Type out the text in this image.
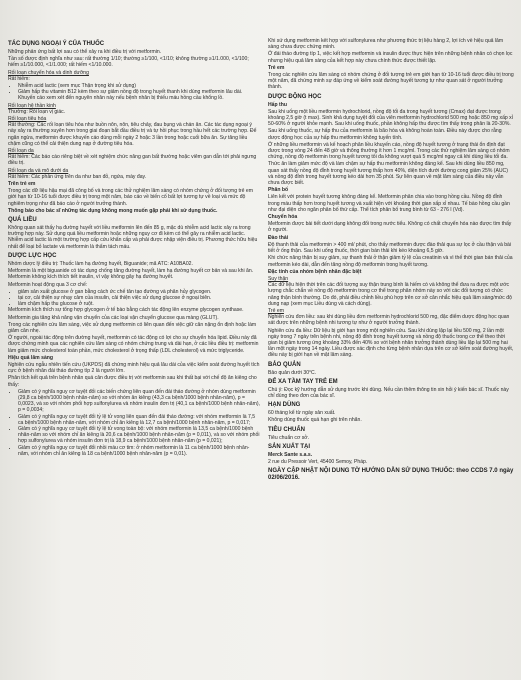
TÁC DỤNG NGOẠI Ý CỦA THUỐC

Những phản ứng bất lợi sau có thể xảy ra khi điều trị với metformin.

Tần số được định nghĩa như sau: rất thường 1/10; thường ≥1/100, <1/10; không thường ≥1/1.000, <1/100; hiếm ≥1/10.000, <1/1.000; rất hiếm <1/10.000.

Rối loạn chuyển hóa và dinh dưỡng

Rất hiếm:

• Nhiễm acid lactic (xem mục Thận trọng khi sử dụng)
• Giảm hấp thu vitamin B12 kèm theo sự giảm nồng độ trong huyết thanh khi dùng metformin lâu dài. Khuyến cáo xem xét đến nguyên nhân này nếu bệnh nhân bị thiếu máu hồng cầu khổng lồ.

Rối loạn hệ thần kinh

Thường: Rối loạn vị giác.

Rối loạn tiêu hóa

Rất thường: Các rối loạn tiêu hóa như buồn nôn, nôn, tiêu chảy, đau bụng và chán ăn. Các tác dụng ngoại ý này xảy ra thường xuyên hơn trong giai đoạn bắt đầu điều trị và tự hồi phục trong hầu hết các trường hợp. Để ngăn ngừa, metformin được khuyến cáo dùng mỗi ngày 2 hoặc 3 lần trong hoặc cuối bữa ăn. Sự tăng liều chậm cũng có thể cải thiện dung nạp ở đường tiêu hóa.

Rối loạn da

Rất hiếm: Các báo cáo riêng biệt về xét nghiệm chức năng gan bất thường hoặc viêm gan dẫn tới phải ngưng điều trị.

Rối loạn da và mô dưới da

Rất hiếm: Các phản ứng trên da như ban đỏ, ngứa, mày đay.

Trên trẻ em

Trong các dữ liệu hậu mại đã công bố và trong các thử nghiệm lâm sàng có nhóm chứng ở đối tượng trẻ em giới hạn từ 10-16 tuổi được điều trị trong một năm, báo cáo về biến cố bất lợi tương tự về loại và mức độ nghiêm trọng như đã báo cáo ở người trưởng thành.

Thông báo cho bác sĩ những tác dụng không mong muốn gặp phải khi sử dụng thuốc.

QUÁ LIỀU

Không quan sát thấy hạ đường huyết với liều metformin lên đến 85 g, mặc dù nhiễm acid lactic xảy ra trong trường hợp này. Sử dụng quá liều metformin hoặc những nguy cơ đi kèm có thể gây ra nhiễm acid lactic. Nhiễm acid lactic là một trường hợp cấp cứu khẩn cấp và phải được nhập viện điều trị. Phương thức hữu hiệu nhất để loại bỏ lactate và metformin là thẩm tách máu.

DƯỢC LỰC HỌC

Nhóm dược lý điều trị: Thuốc làm hạ đường huyết, Biguanide; mã ATC: A10BA02.

Metformin là một biguanide có tác dụng chống tăng đường huyết, làm hạ đường huyết cơ bản và sau khi ăn. Metformin không kích thích tiết insulin, vì vậy không gây hạ đường huyết.

Metformin hoạt động qua 3 cơ chế:

• giảm sản xuất glucose ở gan bằng cách ức chế tân tạo đường và phân hủy glycogen.
• tại cơ, cải thiện sự nhạy cảm của insulin, cải thiện việc sử dụng glucose ở ngoại biên.
• làm chậm hấp thu glucose ở ruột.

Metformin kích thích sự tổng hợp glycogen ở tế bào bằng cách tác động lên enzyme glycogen synthase.

Metformin gia tăng khả năng vận chuyển của các loại vận chuyển glucose qua màng (GLUT).

Trong các nghiên cứu lâm sàng, việc sử dụng metformin có liên quan đến việc giữ cân nặng ổn định hoặc làm giảm cân nhẹ.

Ở người, ngoài tác động trên đường huyết, metformin có tác động có lợi cho sự chuyển hóa lipid. Điều này đã được chứng minh qua các nghiên cứu lâm sàng có nhóm chứng trung và dài hạn, ở các liều điều trị: metformin làm giảm mức cholesterol toàn phần, mức cholesterol ở trọng thấp (LDL cholesterol) và mức triglyceride.

Hiệu quả lâm sàng

Nghiên cứu ngẫu nhiên tiến cứu (UKPDS) đã chứng minh hiệu quả lâu dài của việc kiểm soát đường huyết tích cực ở bệnh nhân đái tháo đường típ 2 là người lớn.

Phân tích kết quả trên bệnh nhân quá cân được điều trị với metformin sau khi thất bại với chế độ ăn kiêng cho thấy:

• Giảm có ý nghĩa nguy cơ tuyệt đối các biến chứng liên quan đến đái tháo đường ở nhóm dùng metformin (29,8 ca bệnh/1000 bệnh nhân-năm) so với nhóm ăn kiêng (43,3 ca bệnh/1000 bệnh nhân-năm), p = 0,0023, và so với nhóm phối hợp sulfonylurea và nhóm insulin đơn trị (40,1 ca bệnh/1000 bệnh nhân-năm), p = 0,0034;
• Giảm có ý nghĩa nguy cơ tuyệt đối tỷ lệ tử vong liên quan đến đái tháo đường: với nhóm metformin là 7,5 ca bệnh/1000 bệnh nhân-năm, với nhóm chỉ ăn kiêng là 12,7 ca bệnh/1000 bệnh nhân-năm, p = 0,017;
• Giảm có ý nghĩa nguy cơ tuyệt đối tỷ lệ tử vong toàn bộ: với nhóm metformin là 13,5 ca bệnh/1000 bệnh nhân-năm so với nhóm chỉ ăn kiêng là 20,6 ca bệnh/1000 bệnh nhân-năm (p = 0,011), và so với nhóm phối hợp sulfonylurea và nhóm insulin đơn trị là 18,9 ca bệnh/1000 bệnh nhân-năm (p = 0,021);
• Giảm có ý nghĩa nguy cơ tuyệt đối nhồi máu cơ tim: ở nhóm metformin là 11 ca bệnh/1000 bệnh nhân-năm, với nhóm chỉ ăn kiêng là 18 ca bệnh/1000 bệnh nhân-năm (p = 0,01).

Khi sử dụng metformin kết hợp với sulfonylurea như phương thức trị liệu hàng 2, lợi ích về hiệu quả lâm sàng chưa được chứng minh.

Ở đái tháo đường típ 1, việc kết hợp metformin và insulin được thực hiện trên những bệnh nhân có chọn lọc nhưng hiệu quả lâm sàng của kết hợp này chưa chính thức được thiết lập.

Trẻ em

Trong các nghiên cứu lâm sàng có nhóm chứng ở đối tượng trẻ em giới hạn từ 10-16 tuổi được điều trị trong một năm, đã chứng minh sự đáp ứng về kiểm soát đường huyết tương tự như quan sát ở người trưởng thành.

DƯỢC ĐỘNG HỌC

Hấp thu

Sau khi uống một liều metformin hydrochlorid, nồng độ tối đa trong huyết tương (Cmax) đạt được trong khoảng 2,5 giờ (t max). Sinh khả dụng tuyệt đối của viên metformin hydrochlorid 500 mg hoặc 850 mg xấp xỉ 50-60% ở người khỏe mạnh. Sau khi uống thuốc, phần không hấp thu được tìm thấy trong phân là 20-30%.

Sau khi uống thuốc, sự hấp thu của metformin là bão hòa và không hoàn toàn. Điều này được cho rằng dược động học của sự hấp thu metformin không tuyến tính.

Ở những liều metformin và kế hoạch phân liều khuyến cáo, nồng độ huyết tương ở trạng thái ổn định đạt được trong vòng 24 đến 48 giờ và thông thường ít hơn 1 mcg/ml. Trong các thử nghiệm lâm sàng có nhóm chứng, nồng độ metformin trong huyết tương tối đa không vượt quá 5 mcg/ml ngay cả khi dùng liều tối đa.

Thức ăn làm giảm mức độ và làm chậm sự hấp thu metformin không đáng kể. Sau khi dùng liều 850 mg, quan sát thấy nồng độ đỉnh trong huyết tương thấp hơn 40%, diện tích dưới đường cong giảm 25% (AUC) và nồng độ đỉnh trong huyết tương kéo dài hơn 35 phút. Sự liên quan về mặt lâm sàng của điều này vẫn chưa được biết.

Phân bố

Liên kết với protein huyết tương không đáng kể. Metformin phân chia vào trong hồng cầu. Nồng độ đỉnh trong máu thấp hơn trong huyết tương và xuất hiện với khoảng thời gian xấp xỉ nhau. Tế bào hồng cầu gần như đại diện cho ngăn phân bố thứ cấp. Thể tích phân bố trung bình từ 63 - 276 l (Vd).

Chuyển hóa

Metformin được bài tiết dưới dạng không đổi trong nước tiểu. Không có chất chuyển hóa nào được tìm thấy ở người.

Đào thải

Độ thanh thải của metformin > 400 ml/ phút, cho thấy metformin được đào thải qua sự lọc ở cầu thận và bài tiết ở ống thận. Sau khi uống thuốc, thời gian bán thải khi kéo khoảng 6,5 giờ.

Khi chức năng thận bị suy giảm, sự thanh thải ở thận giảm tỷ lệ của creatinin và vì thế thời gian bán thải của metformin kéo dài, dẫn đến tăng nồng độ metformin trong huyết tương.

Đặc tính của nhóm bệnh nhân đặc biệt

Suy thận

Các dữ liệu hiện thời trên các đối tượng suy thận trung bình là hiếm có và không thể đưa ra được một ước lượng chắc chắn về nồng độ metformin trong cơ thể trong phân nhóm này so với các đối tượng có chức năng thận bình thường. Do đó, phải điều chỉnh liều phù hợp trên cơ sở cân nhắc hiệu quả lâm sàng/mức độ dung nạp (xem mục Liều dùng và cách dùng).

Trẻ em

Nghiên cứu đơn liều: sau khi dùng liều đơn metformin hydrochlorid 500 mg, đặc điểm dược động học quan sát được trên những bệnh nhi tương tự như ở người trưởng thành.

Nghiên cứu đa liều: Dữ liệu bị giới hạn trong một nghiên cứu. Sau khi dùng lặp lại liều 500 mg, 2 lần một ngày trong 7 ngày trên bệnh nhi, nồng độ đỉnh trong huyết tương và nồng độ thuốc trong cơ thể theo thời gian bị giảm tương ứng khoảng 33% đến 40% so với bệnh nhân trưởng thành dùng liều lặp lại 500 mg hai lần một ngày trong 14 ngày. Liều được xác định cho từng bệnh nhân dựa trên cơ sở kiểm soát đường huyết, điều này bị giới hạn về mặt lâm sàng.

BẢO QUẢN

Bảo quản dưới 30°C.

ĐỂ XA TẦM TAY TRẺ EM

Chú ý: Đọc kỹ hướng dẫn sử dụng trước khi dùng. Nếu cần thêm thông tin xin hỏi ý kiến bác sĩ. Thuốc này chỉ dùng theo đơn của bác sĩ.

HẠN DÙNG

60 tháng kể từ ngày sản xuất.

Không dùng thuốc quá hạn ghi trên nhãn.

TIÊU CHUẨN

Tiêu chuẩn cơ sở.

SẢN XUẤT TẠI

Merck Sante s.a.s.

2 rue du Pressoir Vert, 45400 Semoy, Pháp.

NGÀY CẬP NHẬT NỘI DUNG TỜ HƯỚNG DẪN SỬ DỤNG THUỐC: theo CCDS 7.0 ngày 02/06/2016.
